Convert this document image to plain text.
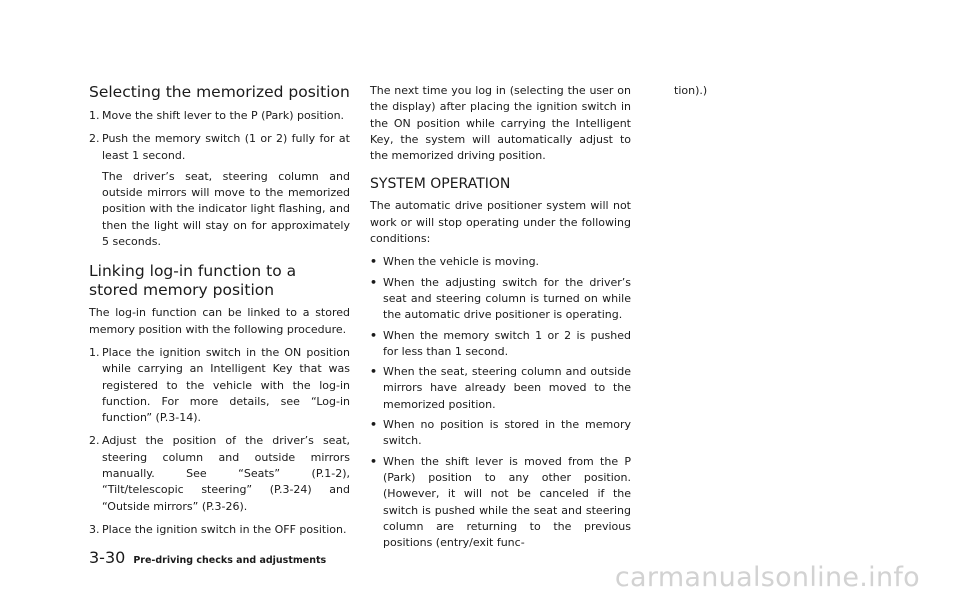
Selecting the memorized position
1. Move the shift lever to the P (Park) position.
2. Push the memory switch (1 or 2) fully for at least 1 second.

The driver’s seat, steering column and outside mirrors will move to the memorized position with the indicator light flashing, and then the light will stay on for approximately 5 seconds.

Linking log-in function to a stored memory position

The log-in function can be linked to a stored memory position with the following procedure.

1. Place the ignition switch in the ON position while carrying an Intelligent Key that was registered to the vehicle with the log-in function. For more details, see “Log-in function” (P.3-14).
2. Adjust the position of the driver’s seat, steering column and outside mirrors manually. See “Seats” (P.1-2), “Tilt/telescopic steering” (P.3-24) and “Outside mirrors” (P.3-26).
3. Place the ignition switch in the OFF position.

The next time you log in (selecting the user on the display) after placing the ignition switch in the ON position while carrying the Intelligent Key, the system will automatically adjust to the memorized driving position.

SYSTEM OPERATION

The automatic drive positioner system will not work or will stop operating under the following conditions:

• When the vehicle is moving.
• When the adjusting switch for the driver’s seat and steering column is turned on while the automatic drive positioner is operating.
• When the memory switch 1 or 2 is pushed for less than 1 second.
• When the seat, steering column and outside mirrors have already been moved to the memorized position.
• When no position is stored in the memory switch.
• When the shift lever is moved from the P (Park) position to any other position. (However, it will not be canceled if the switch is pushed while the seat and steering column are returning to the previous positions (entry/exit func-

tion).)

3-30 Pre-driving checks and adjustments
carmanualsonline.info
